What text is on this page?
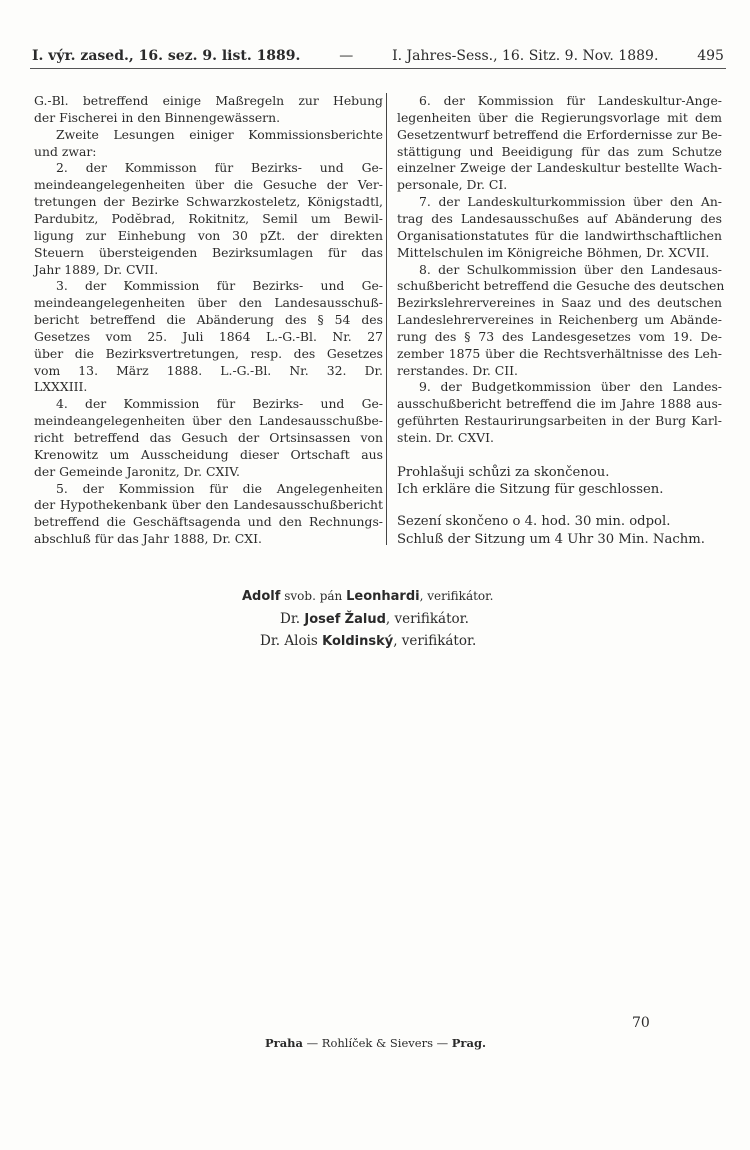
I. výr. zased., 16. sez. 9. list. 1889.	—	I. Jahres-Sess., 16. Sitz. 9. Nov. 1889.	495
G.-Bl. betreffend einige Maßregeln zur Hebung
der Fischerei in den Binnengewässern.
Zweite Lesungen einiger Kommissionsberichte
und zwar:
2. der Kommisson für Bezirks- und Ge-
meindeangelegenheiten über die Gesuche der Ver-
tretungen der Bezirke Schwarzkosteletz, Königstadtl,
Pardubitz, Podĕbrad, Rokitnitz, Semil um Bewil-
ligung zur Einhebung von 30 pZt. der direkten
Steuern übersteigenden Bezirksumlagen für das
Jahr 1889, Dr. CVII.
3. der Kommission für Bezirks- und Ge-
meindeangelegenheiten über den Landesausschuß-
bericht betreffend die Abänderung des § 54 des
Gesetzes vom 25. Juli 1864 L.-G.-Bl. Nr. 27
über die Bezirksvertretungen, resp. des Gesetzes
vom 13. März 1888. L.-G.-Bl. Nr. 32. Dr.
LXXXIII.
4. der Kommission für Bezirks- und Ge-
meindeangelegenheiten über den Landesausschußbe-
richt betreffend das Gesuch der Ortsinsassen von
Krenowitz um Ausscheidung dieser Ortschaft aus
der Gemeinde Jaronitz, Dr. CXIV.
5. der Kommission für die Angelegenheiten
der Hypothekenbank über den Landesausschußbericht
betreffend die Geschäftsagenda und den Rechnungs-
abschluß für das Jahr 1888, Dr. CXI.
6. der Kommission für Landeskultur-Ange-
legenheiten über die Regierungsvorlage mit dem
Gesetzentwurf betreffend die Erfordernisse zur Be-
stättigung und Beeidigung für das zum Schutze
einzelner Zweige der Landeskultur bestellte Wach-
personale, Dr. CI.
7. der Landeskulturkommission über den An-
trag des Landesausschußes auf Abänderung des
Organisationstatutes für die landwirthschaftlichen
Mittelschulen im Königreiche Böhmen, Dr. XCVII.
8. der Schulkommission über den Landesaus-
schußbericht betreffend die Gesuche des deutschen
Bezirkslehrervereines in Saaz und des deutschen
Landeslehrervereines in Reichenberg um Abände-
rung des § 73 des Landesgesetzes vom 19. De-
zember 1875 über die Rechtsverhältnisse des Leh-
rerstandes. Dr. CII.
9. der Budgetkommission über den Landes-
ausschußbericht betreffend die im Jahre 1888 aus-
geführten Restaurirungsarbeiten in der Burg Karl-
stein. Dr. CXVI.
Prohlašuji schůzi za skončenou.
Ich erkläre die Sitzung für geschlossen.
Sezení skončeno o 4. hod. 30 min. odpol.
Schluß der Sitzung um 4 Uhr 30 Min. Nachm.
Adolf svob. pán Leonhardi, verifikátor.
Dr. Josef Žalud, verifikátor.
Dr. Alois Koldinský, verifikátor.
70
Praha — Rohlíček & Sievers — Prag.
